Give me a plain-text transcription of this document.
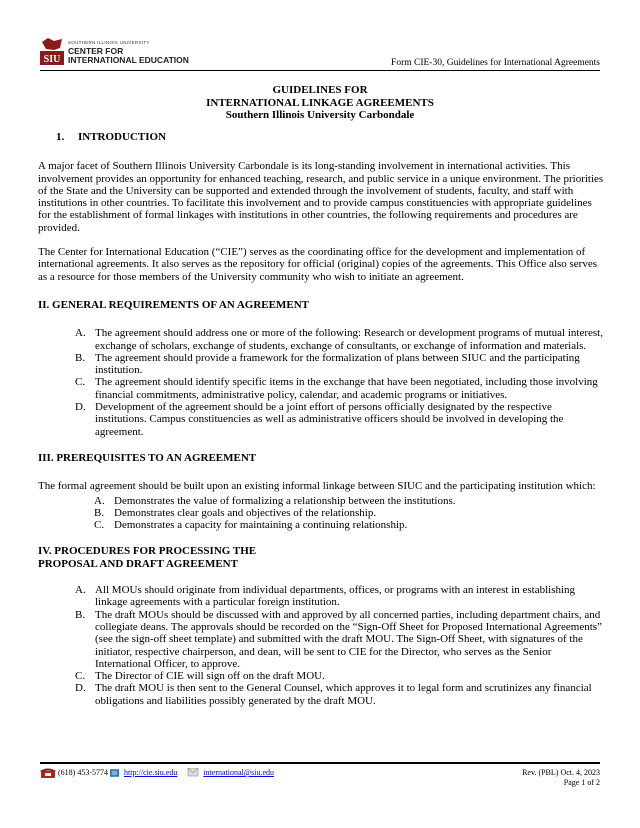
SIU
SOUTHERN ILLINOIS UNIVERSITY
CENTER FOR
INTERNATIONAL EDUCATION	Form CIE-30, Guidelines for International Agreements
GUIDELINES FOR
INTERNATIONAL LINKAGE AGREEMENTS
Southern Illinois University Carbondale
1. INTRODUCTION

A major facet of Southern Illinois University Carbondale is its long-standing involvement in international activities. This involvement provides an opportunity for enhanced teaching, research, and public service in a unique environment. The priorities of the State and the University can be supported and extended through the involvement of students, faculty, and staff with institutions in other countries. To facilitate this involvement and to provide campus constituencies with appropriate guidelines for the establishment of formal linkages with institutions in other countries, the following requirements and procedures are provided.

The Center for International Education (“CIE”) serves as the coordinating office for the development and implementation of international agreements. It also serves as the repository for official (original) copies of the agreements. This Office also serves as a resource for those members of the University community who wish to initiate an agreement.

II. GENERAL REQUIREMENTS OF AN AGREEMENT
A. The agreement should address one or more of the following: Research or development programs of mutual interest, exchange of scholars, exchange of students, exchange of consultants, or exchange of information and materials.
B. The agreement should provide a framework for the formalization of plans between SIUC and the participating institution.
C. The agreement should identify specific items in the exchange that have been negotiated, including those involving financial commitments, administrative policy, calendar, and academic programs or initiatives.
D. Development of the agreement should be a joint effort of persons officially designated by the respective institutions. Campus constituencies as well as administrative officers should be involved in developing the agreement.
III. PREREQUISITES TO AN AGREEMENT

The formal agreement should be built upon an existing informal linkage between SIUC and the participating institution which:

A. Demonstrates the value of formalizing a relationship between the institutions.
B. Demonstrates clear goals and objectives of the relationship.
C. Demonstrates a capacity for maintaining a continuing relationship.
IV. PROCEDURES FOR PROCESSING THE
PROPOSAL AND DRAFT AGREEMENT
A. All MOUs should originate from individual departments, offices, or programs with an interest in establishing linkage agreements with a particular foreign institution.
B. The draft MOUs should be discussed with and approved by all concerned parties, including department chairs, and collegiate deans. The approvals should be recorded on the “Sign-Off Sheet for Proposed International Agreements” (see the sign-off sheet template) and submitted with the draft MOU. The Sign-Off Sheet, with signatures of the initiator, respective chairperson, and dean, will be sent to CIE for the Director, who serves as the Senior International Officer, to approve.
C. The Director of CIE will sign off on the draft MOU.
D. The draft MOU is then sent to the General Counsel, which approves it to legal form and scrutinizes any financial obligations and liabilities possibly generated by the draft MOU.
(618) 453-5774 http://cie.siu.edu	international@siu.edu	Rev. (PBL) Oct. 4, 2023
Page 1 of 2
